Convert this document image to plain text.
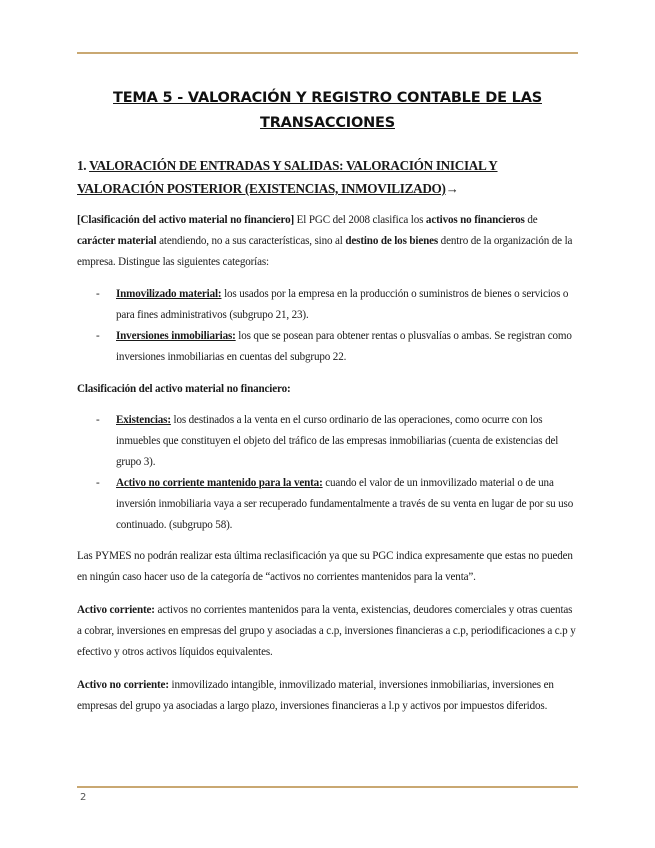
TEMA 5 - VALORACIÓN Y REGISTRO CONTABLE DE LAS
TRANSACCIONES
1. VALORACIÓN DE ENTRADAS Y SALIDAS: VALORACIÓN INICIAL Y
VALORACIÓN POSTERIOR (EXISTENCIAS, INMOVILIZADO)→

[Clasificación del activo material no financiero] El PGC del 2008 clasifica los activos no financieros de carácter material atendiendo, no a sus características, sino al destino de los bienes dentro de la organización de la empresa. Distingue las siguientes categorías:

- Inmovilizado material: los usados por la empresa en la producción o suministros de bienes o servicios o para fines administrativos (subgrupo 21, 23).
- Inversiones inmobiliarias: los que se posean para obtener rentas o plusvalías o ambas. Se registran como inversiones inmobiliarias en cuentas del subgrupo 22.

Clasificación del activo material no financiero:

- Existencias: los destinados a la venta en el curso ordinario de las operaciones, como ocurre con los inmuebles que constituyen el objeto del tráfico de las empresas inmobiliarias (cuenta de existencias del grupo 3).
- Activo no corriente mantenido para la venta: cuando el valor de un inmovilizado material o de una inversión inmobiliaria vaya a ser recuperado fundamentalmente a través de su venta en lugar de por su uso continuado. (subgrupo 58).

Las PYMES no podrán realizar esta última reclasificación ya que su PGC indica expresamente que estas no pueden en ningún caso hacer uso de la categoría de “activos no corrientes mantenidos para la venta”.

Activo corriente: activos no corrientes mantenidos para la venta, existencias, deudores comerciales y otras cuentas a cobrar, inversiones en empresas del grupo y asociadas a c.p, inversiones financieras a c.p, periodificaciones a c.p y efectivo y otros activos líquidos equivalentes.

Activo no corriente: inmovilizado intangible, inmovilizado material, inversiones inmobiliarias, inversiones en empresas del grupo ya asociadas a largo plazo, inversiones financieras a l.p y activos por impuestos diferidos.

2
